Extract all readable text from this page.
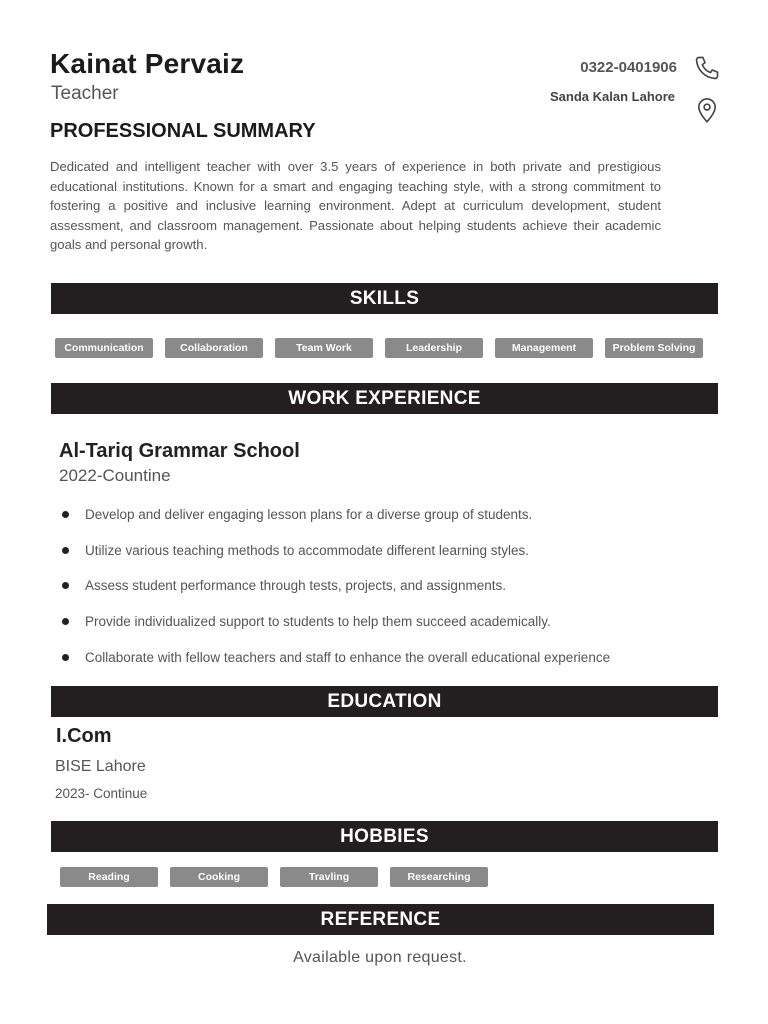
Kainat Pervaiz
Teacher
0322-0401906
Sanda Kalan Lahore
PROFESSIONAL SUMMARY
Dedicated and intelligent teacher with over 3.5 years of experience in both private and prestigious educational institutions. Known for a smart and engaging teaching style, with a strong commitment to fostering a positive and inclusive learning environment. Adept at curriculum development, student assessment, and classroom management. Passionate about helping students achieve their academic goals and personal growth.
SKILLS
Communication	Collaboration	Team Work	Leadership	Management	Problem Solving
WORK EXPERIENCE
Al-Tariq Grammar School
2022-Countine
Develop and deliver engaging lesson plans for a diverse group of students.
Utilize various teaching methods to accommodate different learning styles.
Assess student performance through tests, projects, and assignments.
Provide individualized support to students to help them succeed academically.
Collaborate with fellow teachers and staff to enhance the overall educational experience
EDUCATION
I.Com
BISE Lahore
2023- Continue
HOBBIES
Reading	Cooking	Travling	Researching
REFERENCE
Available upon request.
